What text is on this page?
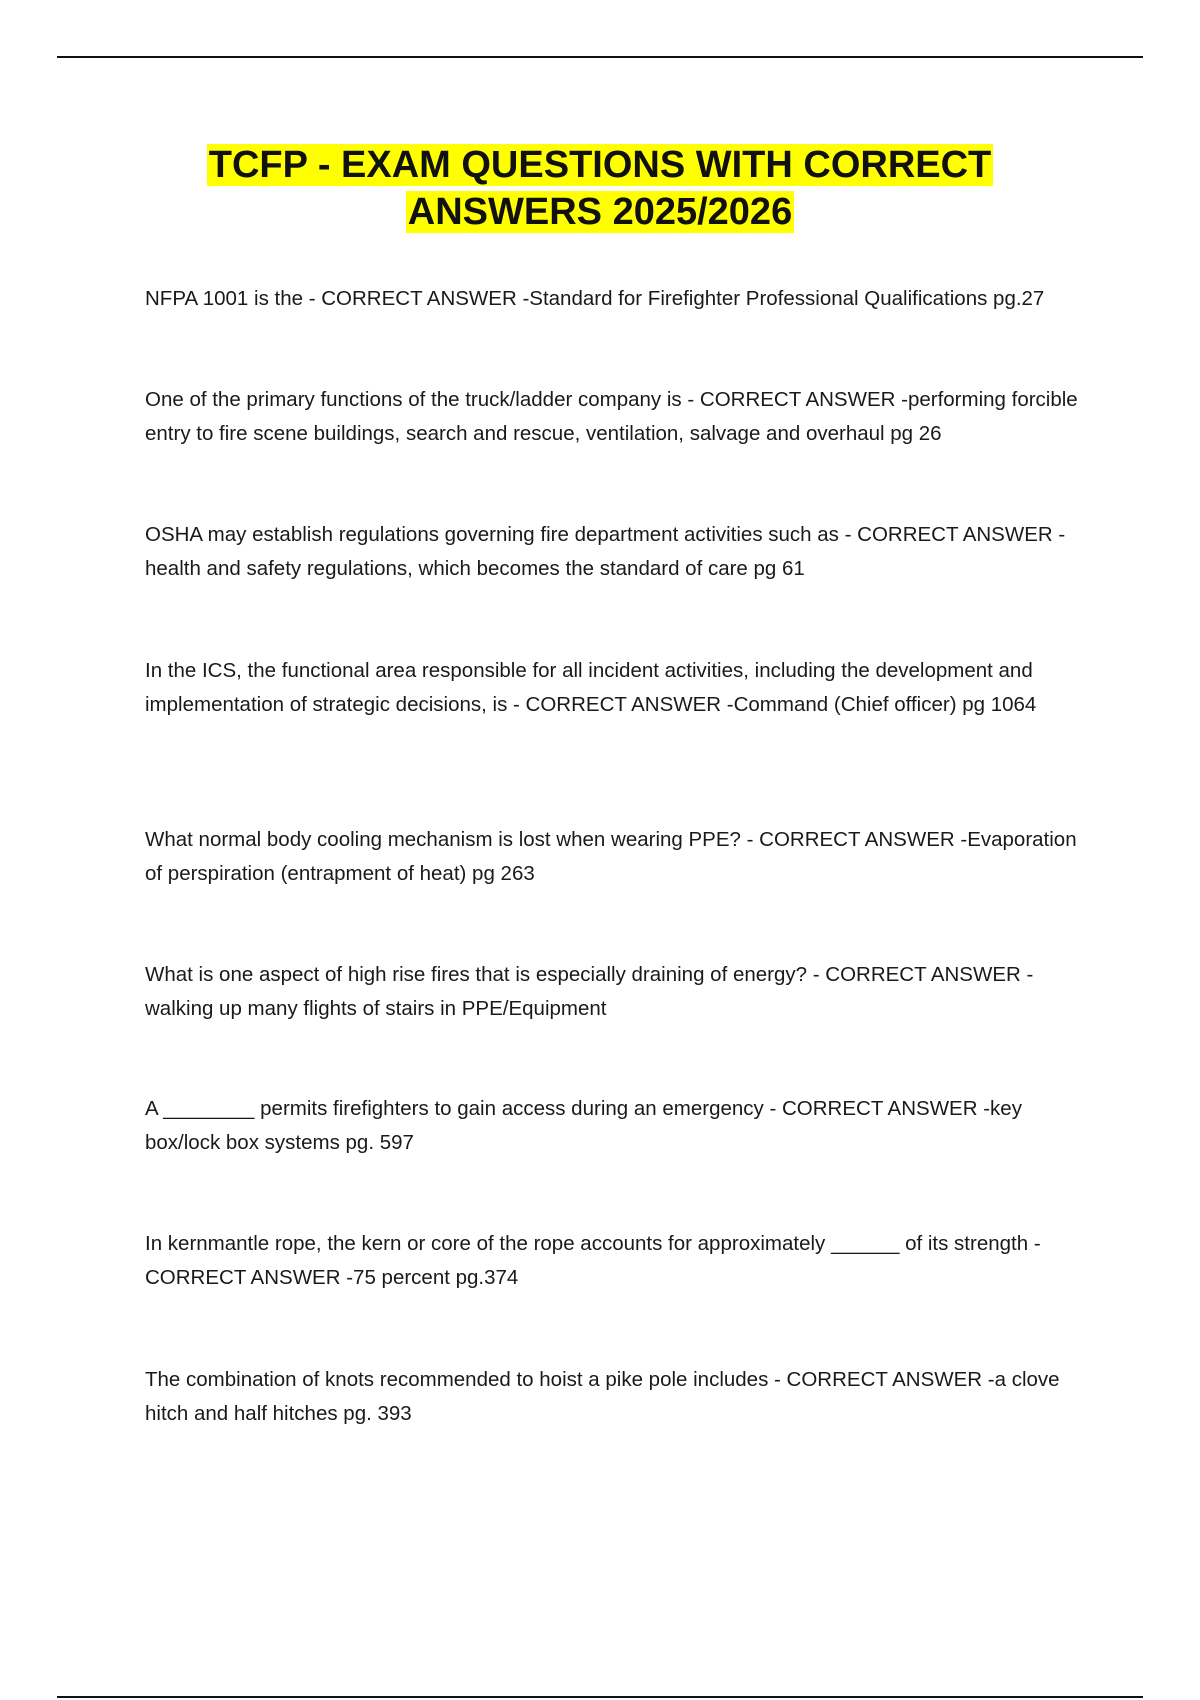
TCFP - EXAM QUESTIONS WITH CORRECT
ANSWERS 2025/2026
NFPA 1001 is the - CORRECT ANSWER -Standard for Firefighter Professional Qualifications pg.27
One of the primary functions of the truck/ladder company is - CORRECT ANSWER -performing forcible entry to fire scene buildings, search and rescue, ventilation, salvage and overhaul pg 26
OSHA may establish regulations governing fire department activities such as - CORRECT ANSWER -health and safety regulations, which becomes the standard of care pg 61
In the ICS, the functional area responsible for all incident activities, including the development and implementation of strategic decisions, is - CORRECT ANSWER -Command (Chief officer) pg 1064
What normal body cooling mechanism is lost when wearing PPE? - CORRECT ANSWER -Evaporation of perspiration (entrapment of heat) pg 263
What is one aspect of high rise fires that is especially draining of energy? - CORRECT ANSWER -walking up many flights of stairs in PPE/Equipment
A ________ permits firefighters to gain access during an emergency - CORRECT ANSWER -key box/lock box systems pg. 597
In kernmantle rope, the kern or core of the rope accounts for approximately ______ of its strength - CORRECT ANSWER -75 percent pg.374
The combination of knots recommended to hoist a pike pole includes - CORRECT ANSWER -a clove hitch and half hitches pg. 393
